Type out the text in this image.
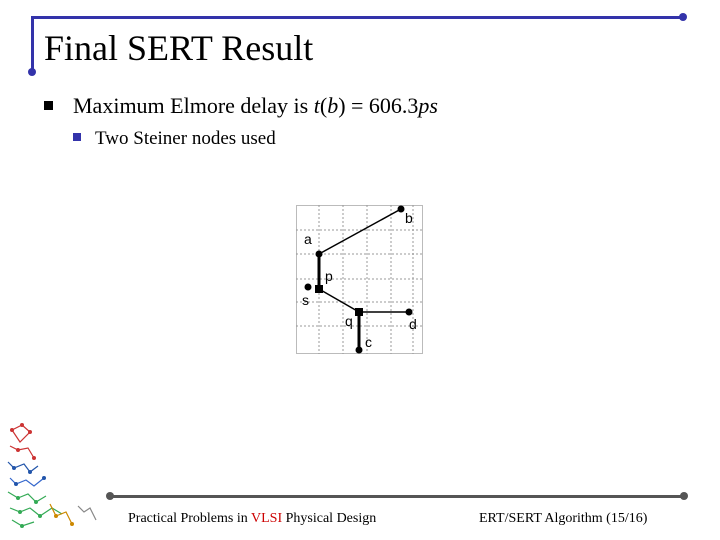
Final SERT Result
Maximum Elmore delay is t(b) = 606.3ps
Two Steiner nodes used
a
b
p
s
q	d
c
Practical Problems in VLSI Physical Design	ERT/SERT Algorithm (15/16)
